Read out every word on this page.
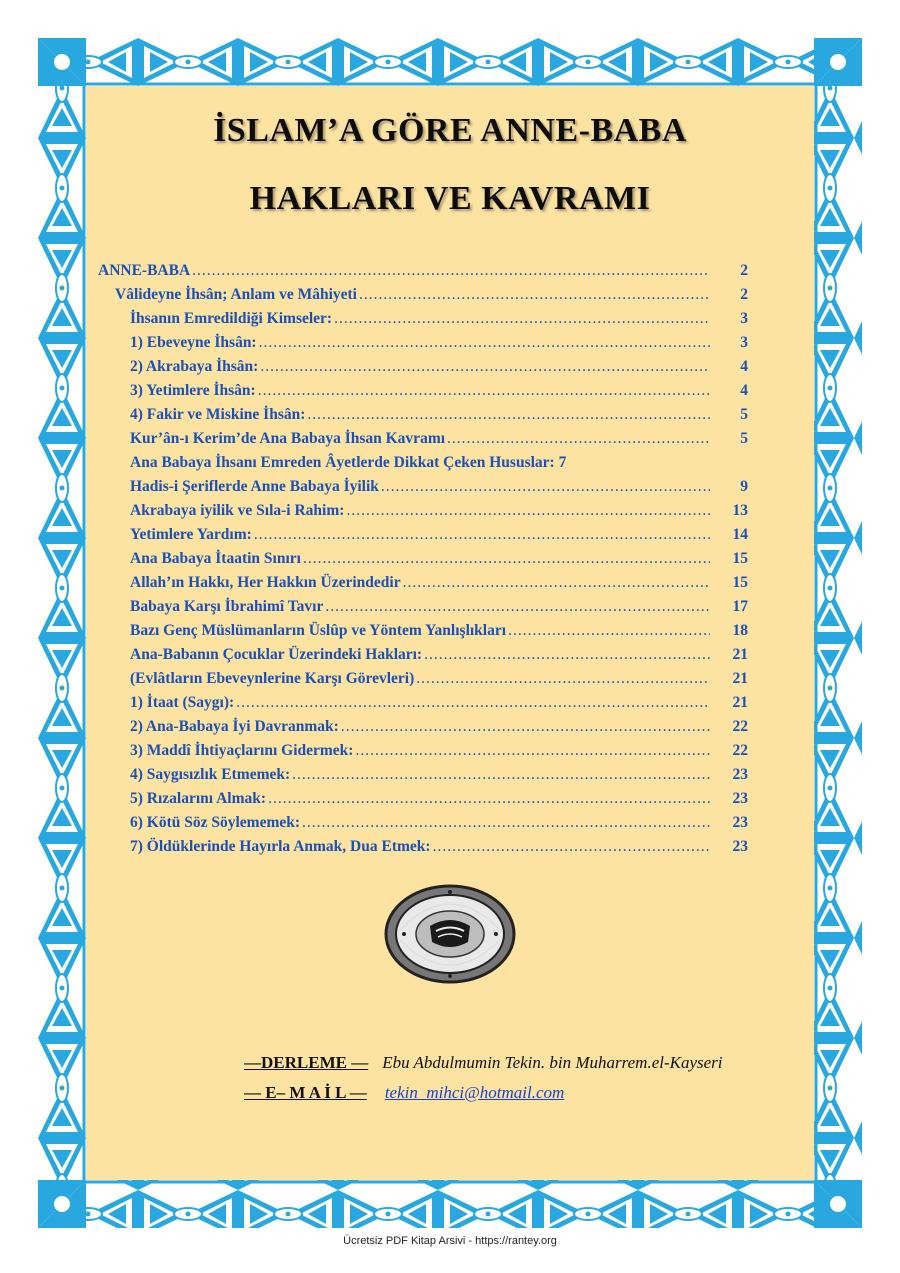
İSLAM’A GÖRE ANNE-BABA
HAKLARI VE KAVRAMI
ANNE-BABA .....	2
Vâlideyne İhsân; Anlam ve Mâhiyeti .....	2
İhsanın Emredildiği Kimseler: .....	3
1) Ebeveyne İhsân: .....	3
2) Akrabaya İhsân: .....	4
3) Yetimlere İhsân: .....	4
4) Fakir ve Miskine İhsân: .....	5
Kur’ân-ı Kerim’de Ana Babaya İhsan Kavramı .....	5
Ana Babaya İhsanı Emreden Âyetlerde Dikkat Çeken Hususlar: 7
Hadis-i Şeriflerde Anne Babaya İyilik .....	9
Akrabaya iyilik ve Sıla-i Rahim: .....	13
Yetimlere Yardım: .....	14
Ana Babaya İtaatin Sınırı .....	15
Allah’ın Hakkı, Her Hakkın Üzerindedir .....	15
Babaya Karşı İbrahimî Tavır .....	17
Bazı Genç Müslümanların Üslûp ve Yöntem Yanlışlıkları .....	18
Ana-Babanın Çocuklar Üzerindeki Hakları: .....	21
(Evlâtların Ebeveynlerine Karşı Görevleri) .....	21
1) İtaat (Saygı): .....	21
2) Ana-Babaya İyi Davranmak: .....	22
3) Maddî İhtiyaçlarını Gidermek: .....	22
4) Saygısızlık Etmemek: .....	23
5) Rızalarını Almak: .....	23
6) Kötü Söz Söylememek: .....	23
7) Öldüklerinde Hayırla Anmak, Dua Etmek: .....	23
—DERLEME — Ebu Abdulmumin Tekin. bin Muharrem.el-Kayseri
— E– M A İ L — tekin_mihci@hotmail.com
Ücretsiz PDF Kitap Arsivi - https://rantey.org
